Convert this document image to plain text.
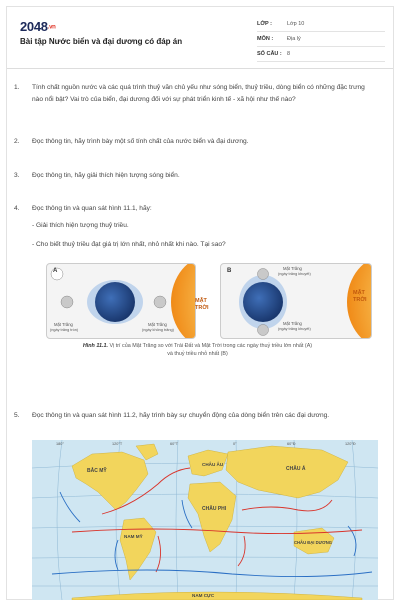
2048.vn
Bài tập Nước biển và đại dương có đáp án
LỚP :	Lớp 10
MÔN :	Địa lý
SỐ CÂU : 8
1.	Tính chất nguồn nước và các quá trình thuỷ văn chủ yếu như sóng biển, thuỷ triều, dòng biển có những đặc trưng nào nổi bật? Vai trò của biển, đại dương đối với sự phát triển kinh tế - xã hội như thế nào?
2.	Đọc thông tin, hãy trình bày một số tính chất của nước biển và đại dương.
3.	Đọc thông tin, hãy giải thích hiện tượng sóng biển.
4.	Đọc thông tin và quan sát hình 11.1, hãy:
- Giải thích hiện tượng thuỷ triều.
- Cho biết thuỷ triều đạt giá trị lớn nhất, nhỏ nhất khi nào. Tại sao?
A
Mặt Trăng
(ngày trăng tròn)
Mặt Trăng
(ngày không trăng)
B	Mặt Trăng
(ngày trăng khuyết)
Mặt Trăng
(ngày trăng khuyết)
MẶT
TRỜI
MẶT
TRỜI
Hình 11.1. Vị trí của Mặt Trăng so với Trái Đất và Mặt Trời trong các ngày thuỷ triều lớn nhất (A)
và thuỷ triều nhỏ nhất (B)
5.	Đọc thông tin và quan sát hình 11.2, hãy trình bày sự chuyển động của dòng biển trên các đại dương.
BẮC MỸ
CHÂU ÂU
CHÂU Á
CHÂU PHI
NAM MỸ
CHÂU ĐẠI DƯƠNG
NAM CỰC
180°	120°T	60°T	0°	60°Đ	120°Đ
